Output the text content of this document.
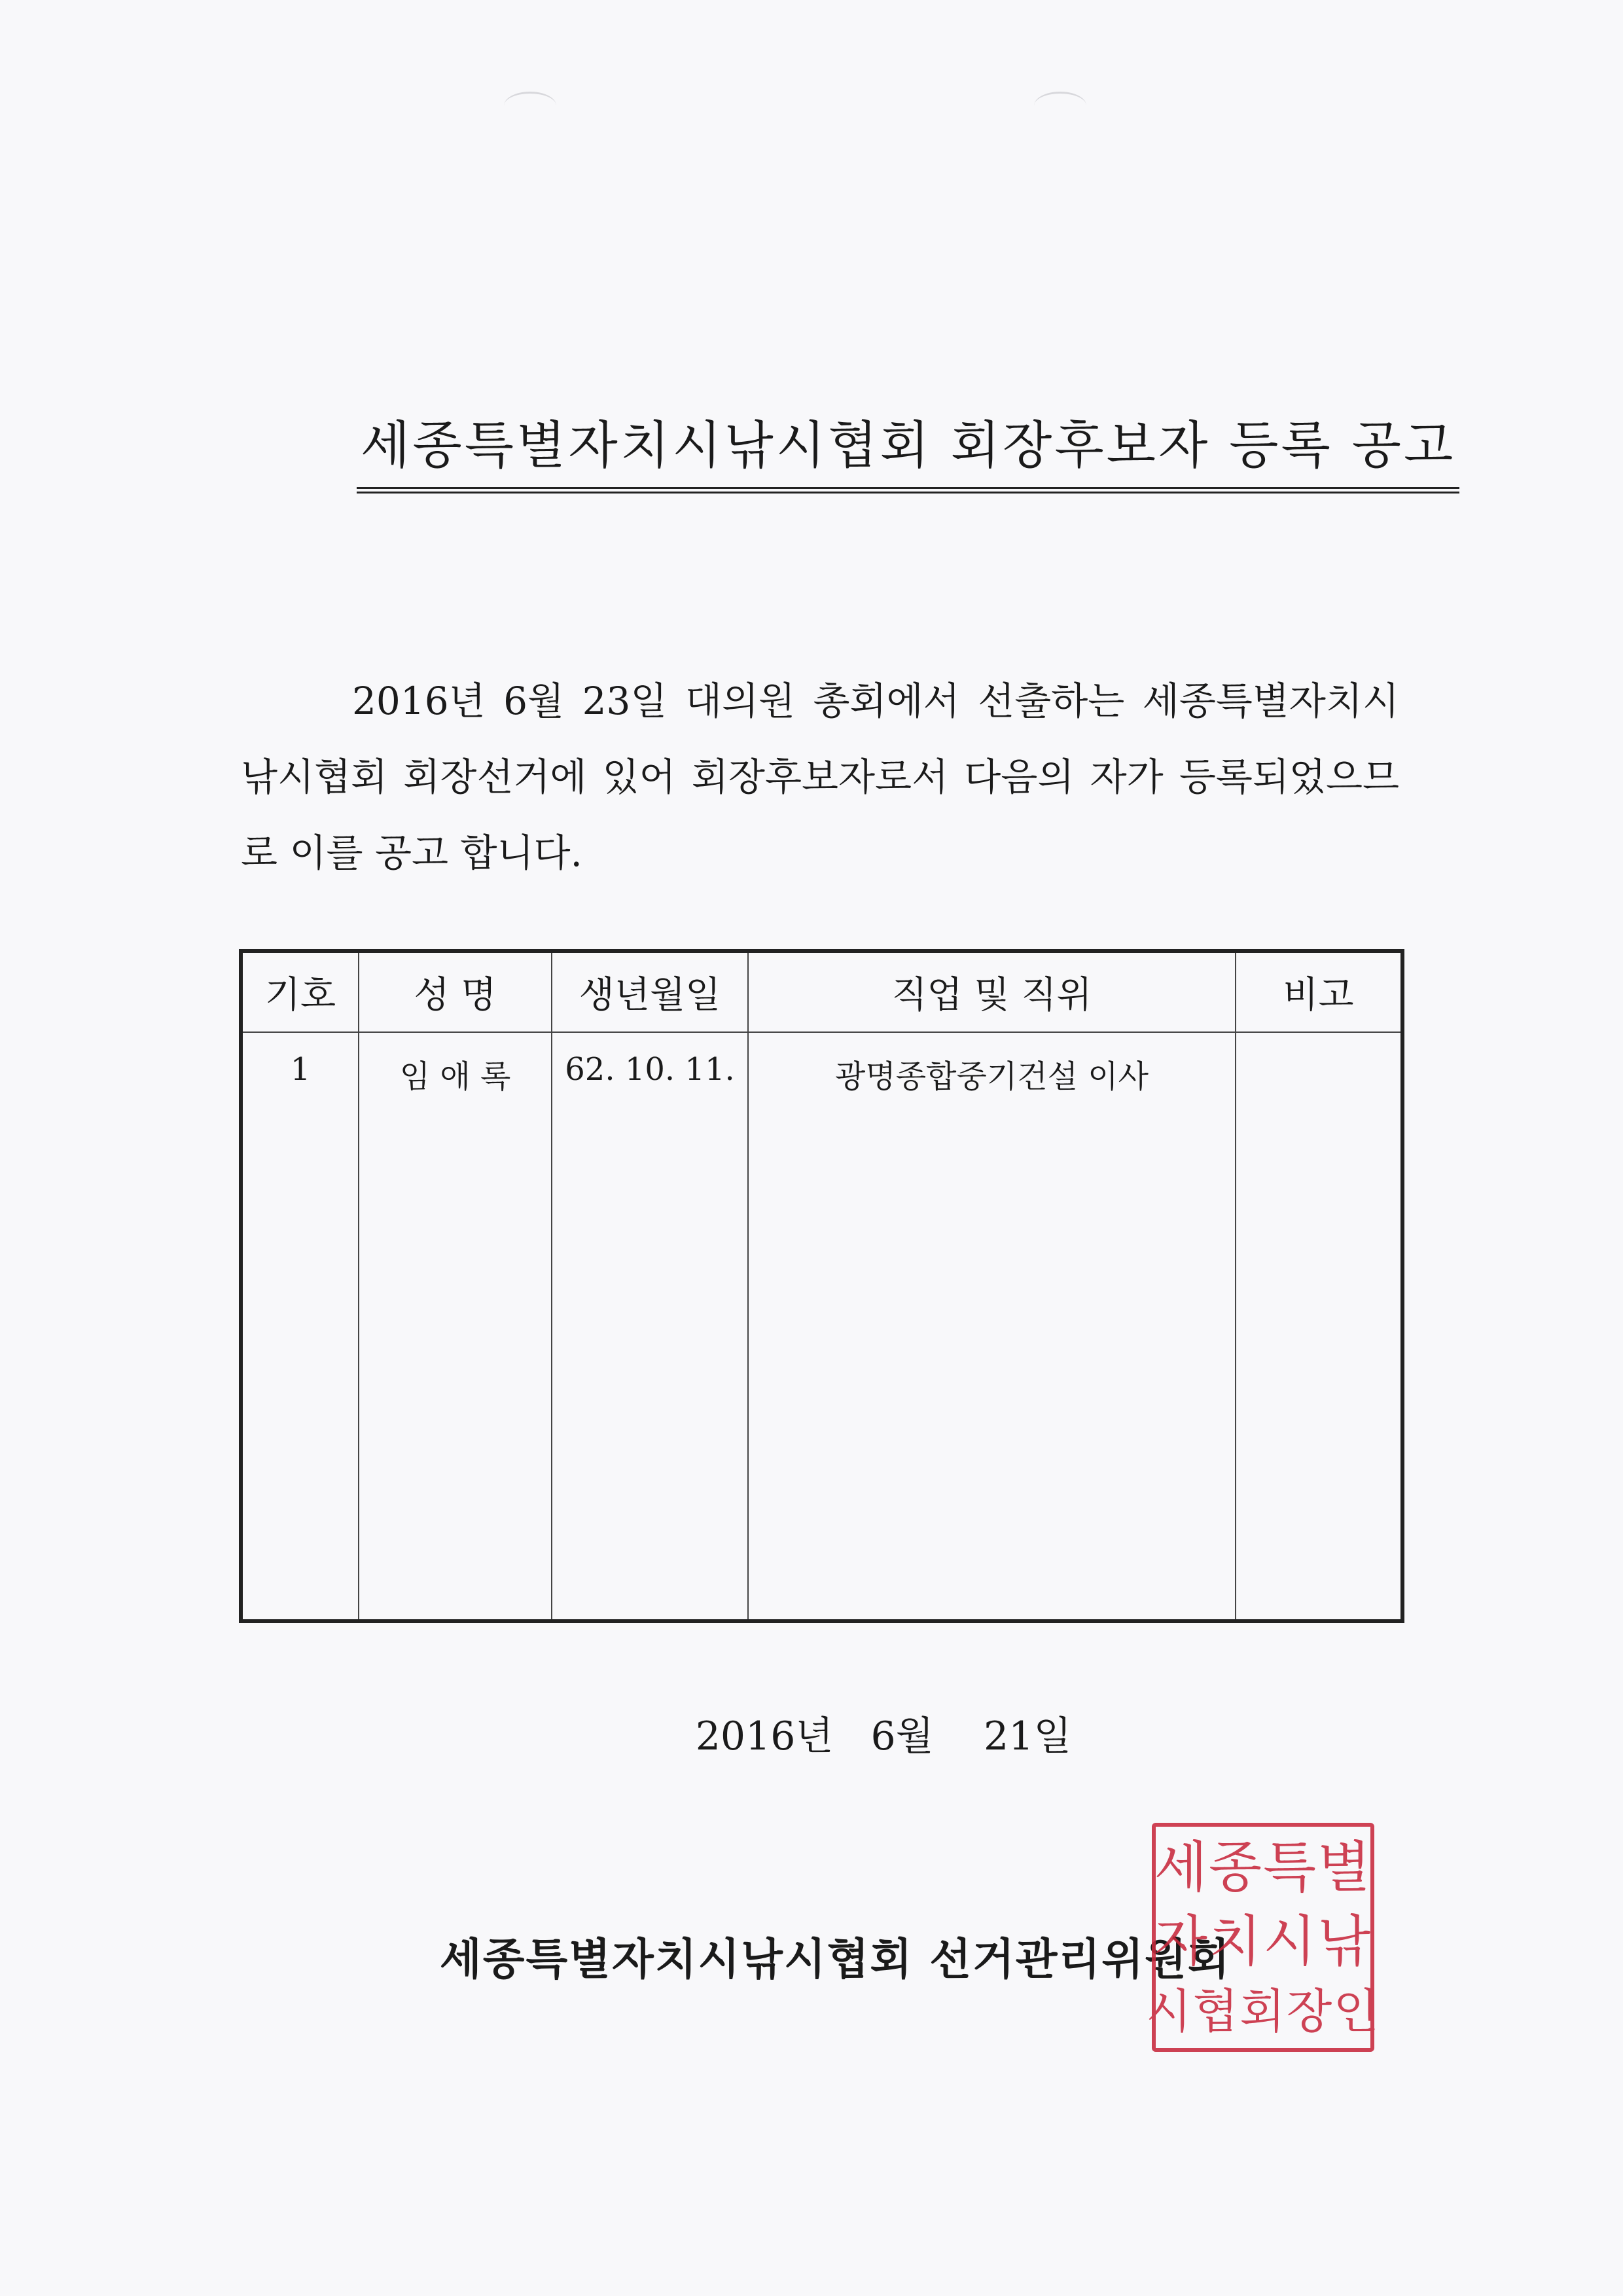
세종특별자치시낚시협회 회장후보자 등록 공고

2016년 6월 23일 대의원 총회에서 선출하는 세종특별자치시낚시협회 회장선거에 있어 회장후보자로서 다음의 자가 등록되었으므로 이를 공고 합니다.

기호	성 명	생년월일	직업 및 직위	비고
1	임 애 록	62. 10. 11.	광명종합중기건설 이사	
2016년   6월    21일
세종특별자치시낚시협회 선거관리위원회
세종특별
자치시낚
시협회장인
